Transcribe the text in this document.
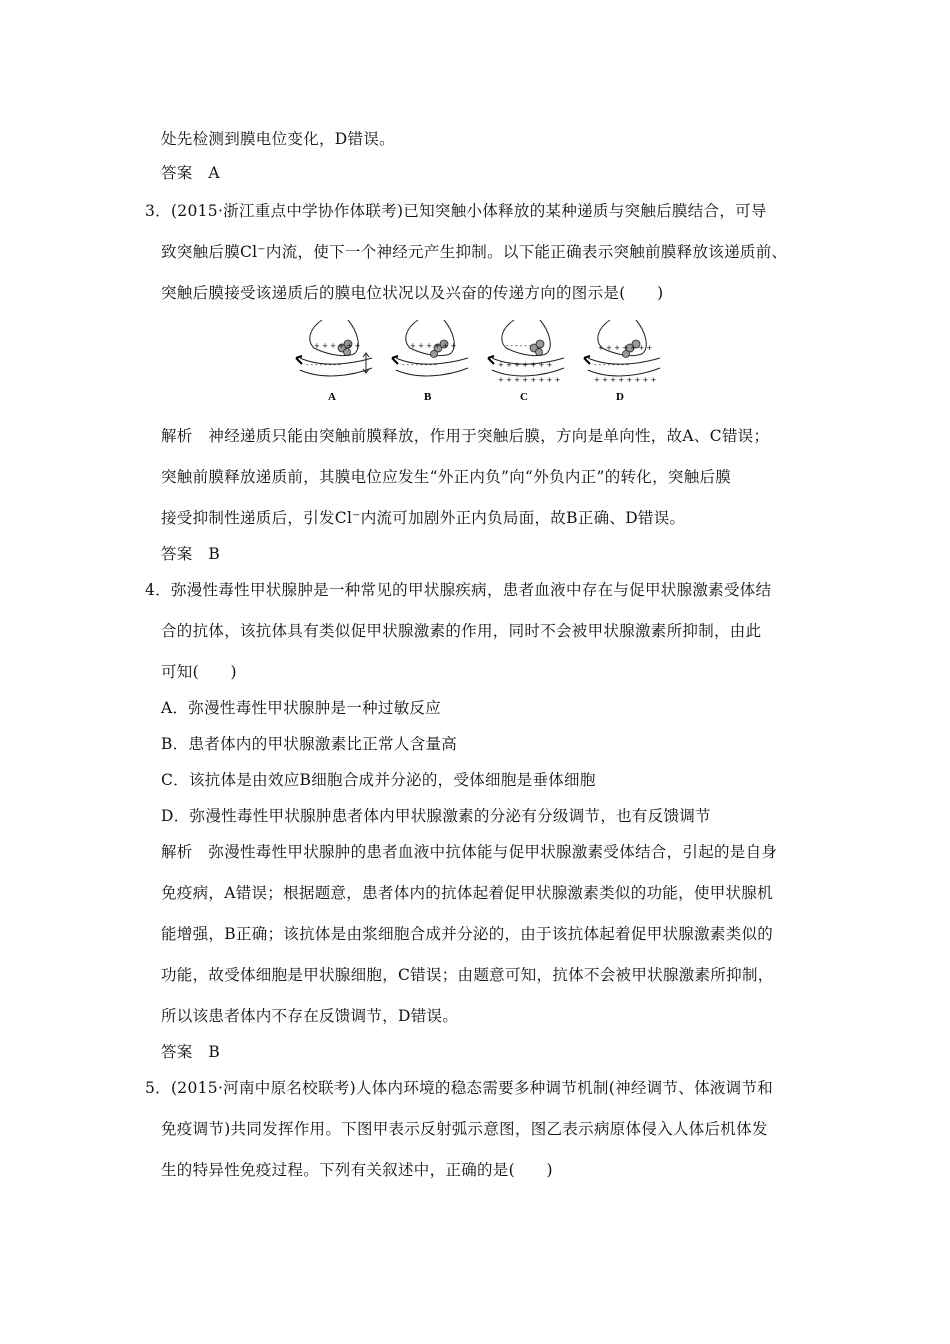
处先检测到膜电位变化，D错误。
答案　A
3．(2015·浙江重点中学协作体联考)已知突触小体释放的某种递质与突触后膜结合，可导
致突触后膜Cl⁻内流，使下一个神经元产生抑制。以下能正确表示突触前膜释放该递质前、
突触后膜接受该递质后的膜电位状况以及兴奋的传递方向的图示是(　　)
+ + + + + +
- - - - - - - -
A
+ + + + + +
- - - - - - - -
B
- - - - - -
+ + + + + + +
+ + + + + + + +
C
+ + + + + + +
- - - - - - - -
+ + + + + + + +
D
解析　神经递质只能由突触前膜释放，作用于突触后膜，方向是单向性，故A、C错误；
突触前膜释放递质前，其膜电位应发生“外正内负”向“外负内正”的转化，突触后膜
接受抑制性递质后，引发Cl⁻内流可加剧外正内负局面，故B正确、D错误。
答案　B
4．弥漫性毒性甲状腺肿是一种常见的甲状腺疾病，患者血液中存在与促甲状腺激素受体结
合的抗体，该抗体具有类似促甲状腺激素的作用，同时不会被甲状腺激素所抑制，由此
可知(　　)
A．弥漫性毒性甲状腺肿是一种过敏反应
B．患者体内的甲状腺激素比正常人含量高
C．该抗体是由效应B细胞合成并分泌的，受体细胞是垂体细胞
D．弥漫性毒性甲状腺肿患者体内甲状腺激素的分泌有分级调节，也有反馈调节
解析　弥漫性毒性甲状腺肿的患者血液中抗体能与促甲状腺激素受体结合，引起的是自身
免疫病，A错误；根据题意，患者体内的抗体起着促甲状腺激素类似的功能，使甲状腺机
能增强，B正确；该抗体是由浆细胞合成并分泌的，由于该抗体起着促甲状腺激素类似的
功能，故受体细胞是甲状腺细胞，C错误；由题意可知，抗体不会被甲状腺激素所抑制，
所以该患者体内不存在反馈调节，D错误。
答案　B
5．(2015·河南中原名校联考)人体内环境的稳态需要多种调节机制(神经调节、体液调节和
免疫调节)共同发挥作用。下图甲表示反射弧示意图，图乙表示病原体侵入人体后机体发
生的特异性免疫过程。下列有关叙述中，正确的是(　　)
